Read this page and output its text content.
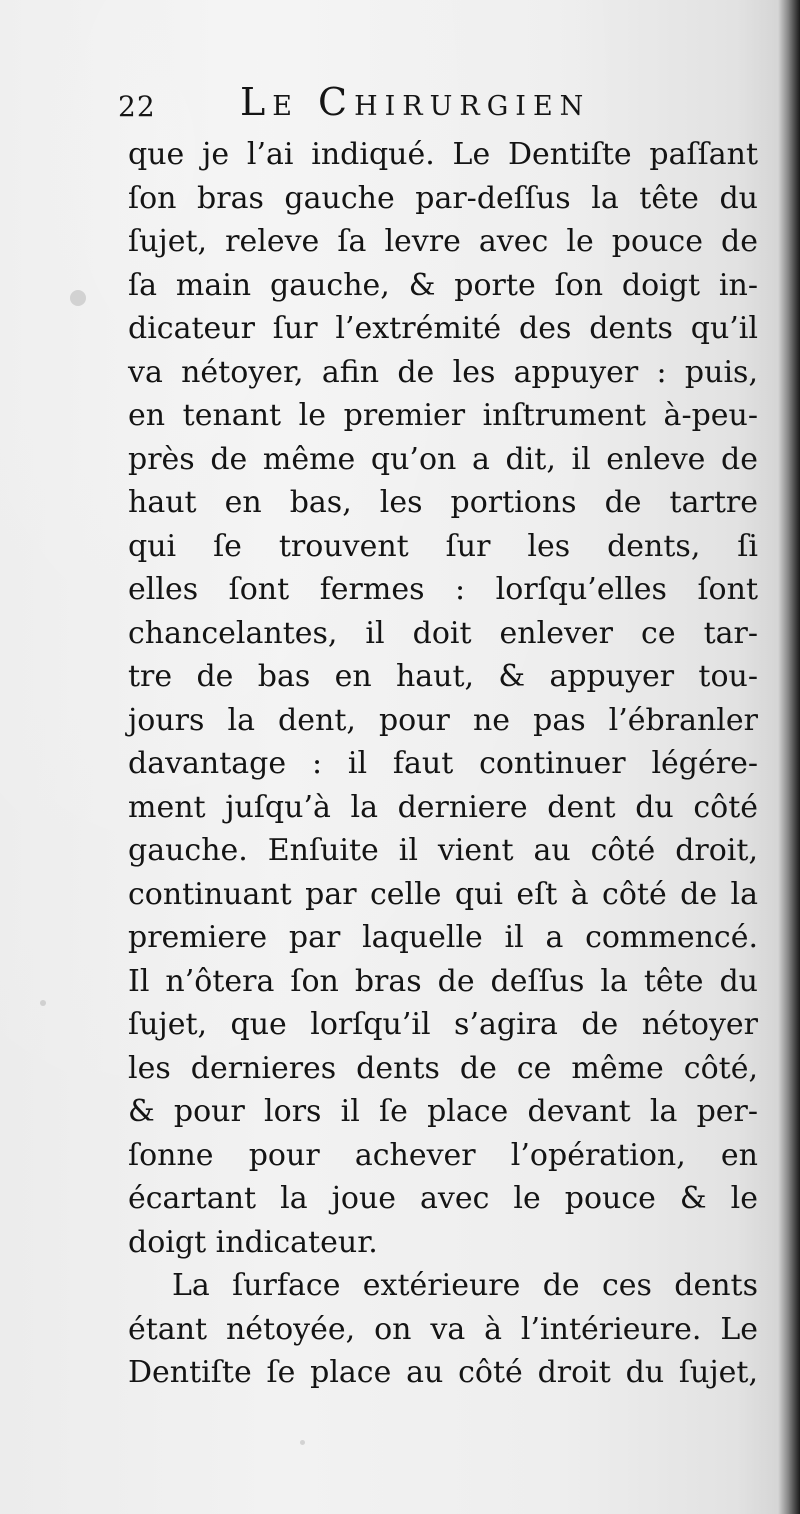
22 Le Chirurgien
que je l’ai indiqué. Le Dentiſte paſſant
ſon bras gauche par-deſſus la tête du
ſujet, releve ſa levre avec le pouce de
ſa main gauche, & porte ſon doigt in-
dicateur ſur l’extrémité des dents qu’il
va nétoyer, afin de les appuyer : puis,
en tenant le premier inſtrument à-peu-
près de même qu’on a dit, il enleve de
haut en bas, les portions de tartre
qui ſe trouvent ſur les dents, ſi
elles ſont fermes : lorſqu’elles ſont
chancelantes, il doit enlever ce tar-
tre de bas en haut, & appuyer tou-
jours la dent, pour ne pas l’ébranler
davantage : il faut continuer légére-
ment juſqu’à la derniere dent du côté
gauche. Enſuite il vient au côté droit,
continuant par celle qui eſt à côté de la
premiere par laquelle il a commencé.
Il n’ôtera ſon bras de deſſus la tête du
ſujet, que lorſqu’il s’agira de nétoyer
les dernieres dents de ce même côté,
& pour lors il ſe place devant la per-
ſonne pour achever l’opération, en
écartant la joue avec le pouce & le
doigt indicateur.
La ſurface extérieure de ces dents
étant nétoyée, on va à l’intérieure. Le
Dentiſte ſe place au côté droit du ſujet,
